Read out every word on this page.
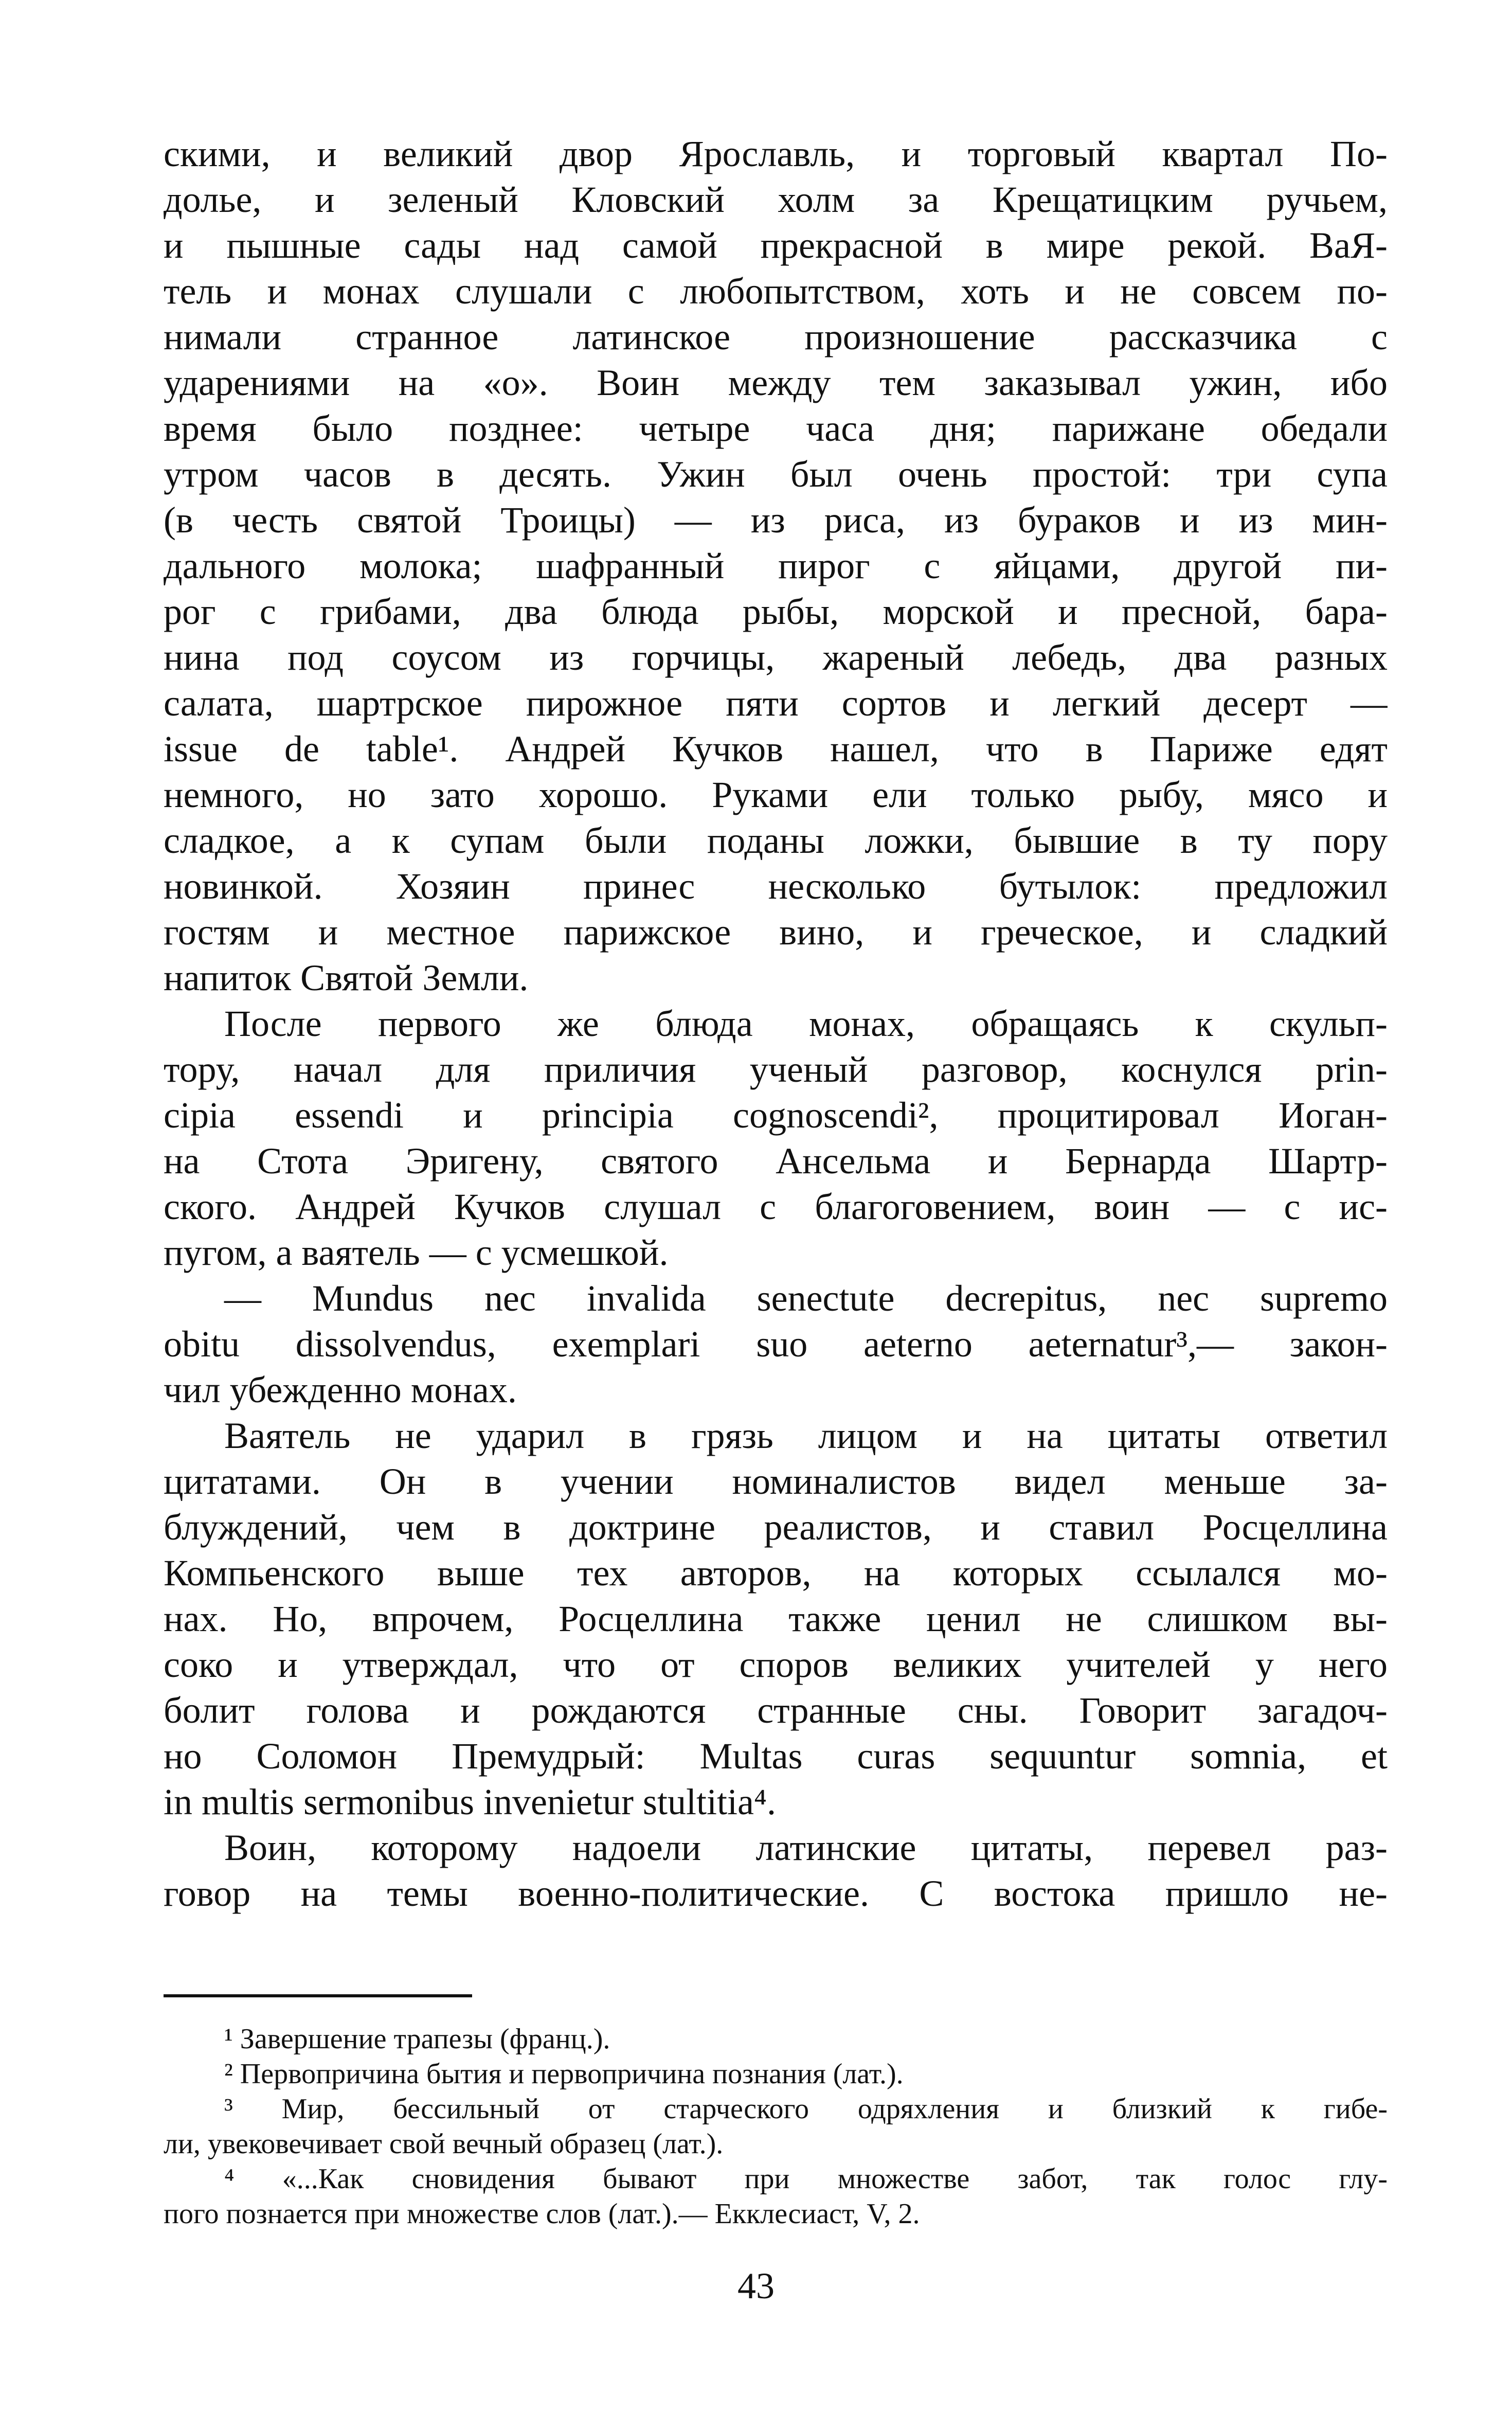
скими, и великий двор Ярославль, и торговый квартал По-
долье, и зеленый Кловский холм за Крещатицким ручьем,
и пышные сады над самой прекрасной в мире рекой. ВаЯ-
тель и монах слушали с любопытством, хоть и не совсем по-
нимали странное латинское произношение рассказчика с
ударениями на «о». Воин между тем заказывал ужин, ибо
время было позднее: четыре часа дня; парижане обедали
утром часов в десять. Ужин был очень простой: три супа
(в честь святой Троицы) — из риса, из бураков и из мин-
дального молока; шафранный пирог с яйцами, другой пи-
рог с грибами, два блюда рыбы, морской и пресной, бара-
нина под соусом из горчицы, жареный лебедь, два разных
салата, шартрское пирожное пяти сортов и легкий десерт —
issue de table¹. Андрей Кучков нашел, что в Париже едят
немного, но зато хорошо. Руками ели только рыбу, мясо и
сладкое, а к супам были поданы ложки, бывшие в ту пору
новинкой. Хозяин принес несколько бутылок: предложил
гостям и местное парижское вино, и греческое, и сладкий
напиток Святой Земли.
После первого же блюда монах, обращаясь к скульп-
тору, начал для приличия ученый разговор, коснулся prin-
cipia essendi и principia cognoscendi², процитировал Иоган-
на Стота Эригену, святого Ансельма и Бернарда Шартр-
ского. Андрей Кучков слушал с благоговением, воин — с ис-
пугом, а ваятель — с усмешкой.
— Mundus nec invalida senectute decrepitus, nec supremo
obitu dissolvendus, exemplari suo aeterno aeternatur³,— закон-
чил убежденно монах.
Ваятель не ударил в грязь лицом и на цитаты ответил
цитатами. Он в учении номиналистов видел меньше за-
блуждений, чем в доктрине реалистов, и ставил Росцеллина
Компьенского выше тех авторов, на которых ссылался мо-
нах. Но, впрочем, Росцеллина также ценил не слишком вы-
соко и утверждал, что от споров великих учителей у него
болит голова и рождаются странные сны. Говорит загадоч-
но Соломон Премудрый: Multas curas sequuntur somnia, et
in multis sermonibus invenietur stultitia⁴.
Воин, которому надоели латинские цитаты, перевел раз-
говор на темы военно-политические. С востока пришло не-
¹ Завершение трапезы (франц.).
² Первопричина бытия и первопричина познания (лат.).
³ Мир, бессильный от старческого одряхления и близкий к гибе-
ли, увековечивает свой вечный образец (лат.).
⁴ «...Как сновидения бывают при множестве забот, так голос глу-
пого познается при множестве слов (лат.).— Екклесиаст, V, 2.
43
